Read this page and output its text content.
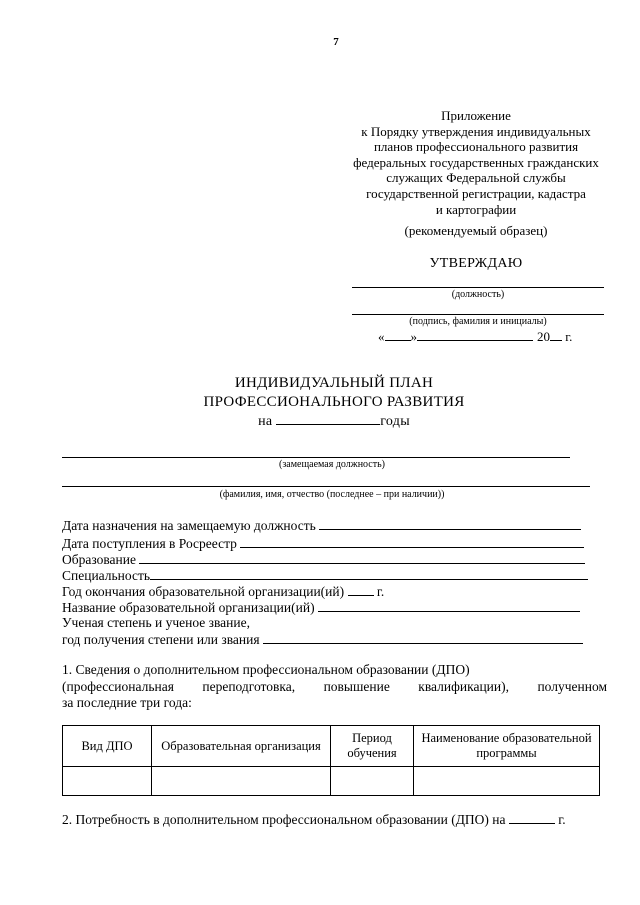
7
Приложение
к Порядку утверждения индивидуальных
планов профессионального развития
федеральных государственных гражданских
служащих Федеральной службы
государственной регистрации, кадастра
и картографии
(рекомендуемый образец)
УТВЕРЖДАЮ
(должность)
(подпись, фамилия и инициалы)
« »	20 г.
ИНДИВИДУАЛЬНЫЙ ПЛАН
ПРОФЕССИОНАЛЬНОГО РАЗВИТИЯ
на	годы
(замещаемая должность)
(фамилия, имя, отчество (последнее – при наличии))
Дата назначения на замещаемую должность
Дата поступления в Росреестр
Образование
Специальность
Год окончания образовательной организации(ий)  г.
Название образовательной организации(ий)
Ученая степень и ученое звание,
год получения степени или звания
1. Сведения о дополнительном профессиональном образовании (ДПО)
(профессиональная переподготовка, повышение квалификации), полученном
за последние три года:
Вид ДПО	Образовательная организация	Период обучения	Наименование образовательной программы

2. Потребность в дополнительном профессиональном образовании (ДПО) на	г.
